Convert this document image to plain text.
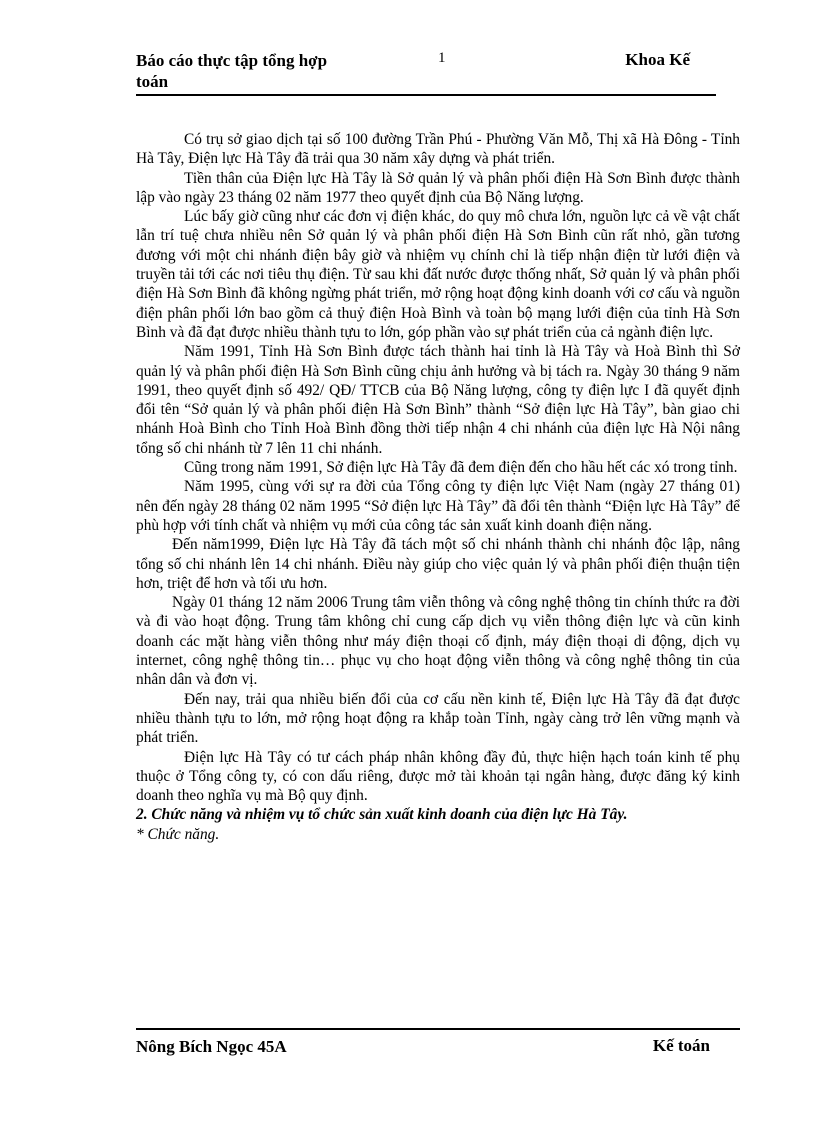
Báo cáo thực tập tổng hợp toán
1	Khoa Kế

Có trụ sở giao dịch tại số 100 đường Trần Phú - Phường Văn Mỗ, Thị xã Hà Đông - Tỉnh Hà Tây, Điện lực Hà Tây đã trải qua 30 năm xây dựng và phát triển.

Tiền thân của Điện lực Hà Tây là Sở quản lý và phân phối điện Hà Sơn Bình được thành lập vào ngày 23 tháng 02 năm 1977 theo quyết định của Bộ Năng lượng.

Lúc bấy giờ cũng như các đơn vị điện khác, do quy mô chưa lớn, nguồn lực cả về vật chất lẫn trí tuệ chưa nhiều nên Sở quản lý và phân phối điện Hà Sơn Bình cũn rất nhỏ, gần tương đương với một chi nhánh điện bây giờ và nhiệm vụ chính chỉ là tiếp nhận điện từ lưới điện và truyền tải tới các nơi tiêu thụ điện. Từ sau khi đất nước được thống nhất, Sở quản lý và phân phối điện Hà Sơn Bình đã không ngừng phát triển, mở rộng hoạt động kinh doanh với cơ cấu và nguồn điện phân phối lớn bao gồm cả thuỷ điện Hoà Bình và toàn bộ mạng lưới điện của tỉnh Hà Sơn Bình và đã đạt được nhiều thành tựu to lớn, góp phần vào sự phát triển của cả ngành điện lực.

Năm 1991, Tỉnh Hà Sơn Bình được tách thành hai tỉnh là Hà Tây và Hoà Bình thì Sở quản lý và phân phối điện Hà Sơn Bình cũng chịu ảnh hưởng và bị tách ra. Ngày 30 tháng 9 năm 1991, theo quyết định số 492/ QĐ/ TTCB của Bộ Năng lượng, công ty điện lực I đã quyết định đổi tên “Sở quản lý và phân phối điện Hà Sơn Bình” thành “Sở điện lực Hà Tây”, bàn giao chi nhánh Hoà Bình cho Tỉnh Hoà Bình đồng thời tiếp nhận 4 chi nhánh của điện lực Hà Nội nâng tổng số chi nhánh từ 7 lên 11 chi nhánh.

Cũng trong năm 1991, Sở điện lực Hà Tây đã đem điện đến cho hầu hết các xó trong tỉnh.

Năm 1995, cùng với sự ra đời của Tổng công ty điện lực Việt Nam (ngày 27 tháng 01) nên đến ngày 28 tháng 02 năm 1995 “Sở điện lực Hà Tây” đã đổi tên thành “Điện lực Hà Tây” để phù hợp với tính chất và nhiệm vụ mới của công tác sản xuất kinh doanh điện năng.

Đến năm1999, Điện lực Hà Tây đã tách một số chi nhánh thành chi nhánh độc lập, nâng tổng số chi nhánh lên 14 chi nhánh. Điều này giúp cho việc quản lý và phân phối điện thuận tiện hơn, triệt để hơn và tối ưu hơn.

Ngày 01 tháng 12 năm 2006 Trung tâm viễn thông và công nghệ thông tin chính thức ra đời và đi vào hoạt động. Trung tâm không chỉ cung cấp dịch vụ viễn thông điện lực và cũn kinh doanh các mặt hàng viễn thông như máy điện thoại cố định, máy điện thoại di động, dịch vụ internet, công nghệ thông tin… phục vụ cho hoạt động viễn thông và công nghệ thông tin của nhân dân và đơn vị.

Đến nay, trải qua nhiều biến đổi của cơ cấu nền kinh tế, Điện lực Hà Tây đã đạt được nhiều thành tựu to lớn, mở rộng hoạt động ra khắp toàn Tỉnh, ngày càng trở lên vững mạnh và phát triển.

Điện lực Hà Tây có tư cách pháp nhân không đầy đủ, thực hiện hạch toán kinh tế phụ thuộc ở Tổng công ty, có con dấu riêng, được mở tài khoản tại ngân hàng, được đăng ký kinh doanh theo nghĩa vụ mà Bộ quy định.

2. Chức năng và nhiệm vụ tổ chức sản xuất kinh doanh của điện lực Hà Tây.

* Chức năng.

Nông Bích Ngọc 45A	Kế toán
